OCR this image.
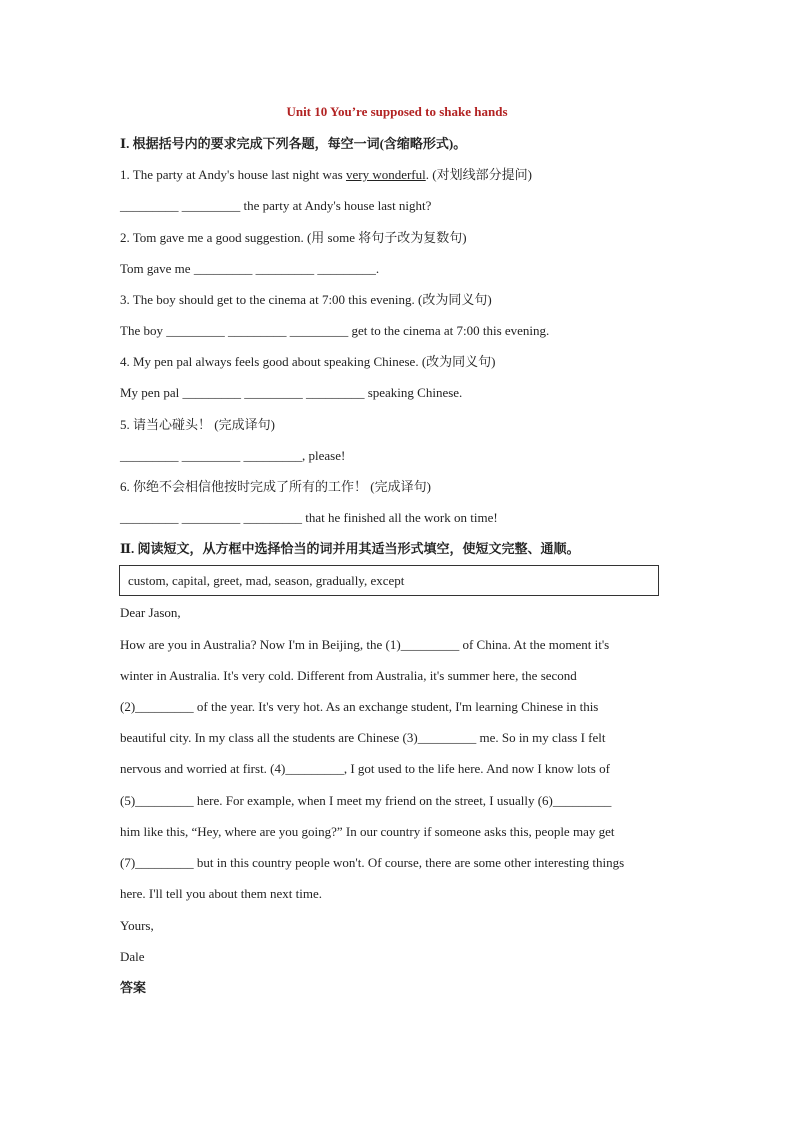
Unit 10 You’re supposed to shake hands
Ⅰ. 根据括号内的要求完成下列各题，每空一词(含缩略形式)。
1. The party at Andy's house last night was very wonderful. (对划线部分提问)
_________ _________ the party at Andy's house last night?
2. Tom gave me a good suggestion. (用 some 将句子改为复数句)
Tom gave me _________ _________ _________.
3. The boy should get to the cinema at 7:00 this evening. (改为同义句)
The boy _________ _________ _________ get to the cinema at 7:00 this evening.
4. My pen pal always feels good about speaking Chinese. (改为同义句)
My pen pal _________ _________ _________ speaking Chinese.
5. 请当心碰头！ (完成译句)
_________ _________ _________, please!
6. 你绝不会相信他按时完成了所有的工作！ (完成译句)
_________ _________ _________ that he finished all the work on time!
Ⅱ. 阅读短文，从方框中选择恰当的词并用其适当形式填空，使短文完整、通顺。
custom, capital, greet, mad, season, gradually, except
Dear Jason,
How are you in Australia? Now I'm in Beijing, the (1)_________ of China. At the moment it's
winter in Australia. It's very cold. Different from Australia, it's summer here, the second
(2)_________ of the year. It's very hot. As an exchange student, I'm learning Chinese in this
beautiful city. In my class all the students are Chinese (3)_________ me. So in my class I felt
nervous and worried at first. (4)_________, I got used to the life here. And now I know lots of
(5)_________ here. For example, when I meet my friend on the street, I usually (6)_________
him like this, “Hey, where are you going?” In our country if someone asks this, people may get
(7)_________ but in this country people won't. Of course, there are some other interesting things
here. I'll tell you about them next time.
Yours,
Dale
答案
